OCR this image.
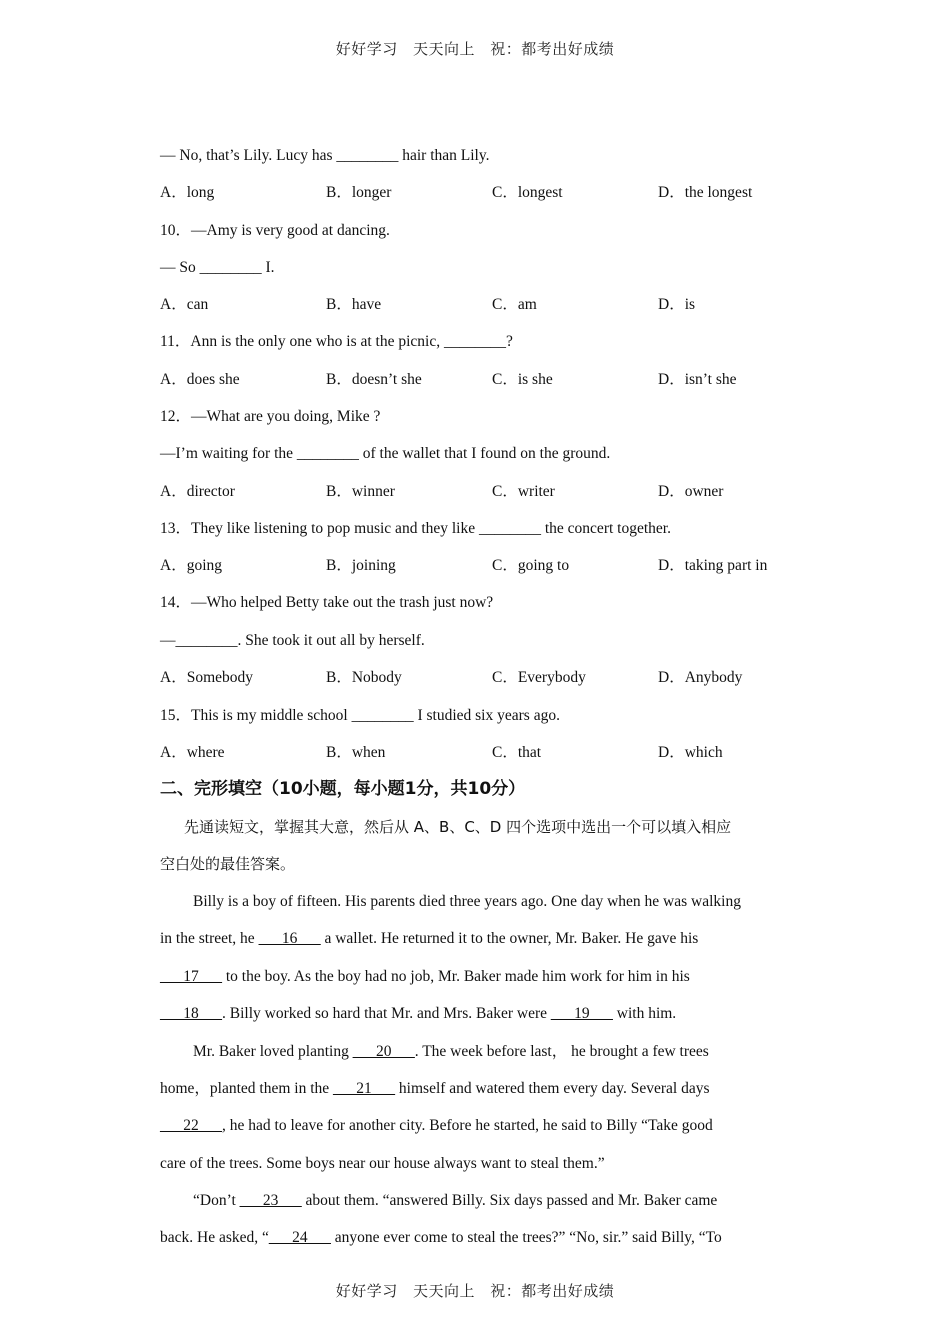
好好学习 天天向上 祝：都考出好成绩
— No, that’s Lily. Lucy has ________ hair than Lily.
A．long	B．longer	C．longest	D．the longest
10．—Amy is very good at dancing.
— So ________ I.
A．can	B．have	C．am	D．is
11．Ann is the only one who is at the picnic, ________?
A．does she	B．doesn’t she	C．is she	D．isn’t she
12．—What are you doing, Mike ?
—I’m waiting for the ________ of the wallet that I found on the ground.
A．director	B．winner	C．writer	D．owner
13．They like listening to pop music and they like ________ the concert together.
A．going	B．joining	C．going to	D．taking part in
14．—Who helped Betty take out the trash just now?
—________. She took it out all by herself.
A．Somebody	B．Nobody	C．Everybody	D．Anybody
15．This is my middle school ________ I studied six years ago.
A．where	B．when	C．that	D．which
二、完形填空（10小题，每小题1分，共10分）
先通读短文，掌握其大意，然后从 A、B、C、D 四个选项中选出一个可以填入相应
空白处的最佳答案。
Billy is a boy of fifteen. His parents died three years ago. One day when he was walking
in the street, he ___16___ a wallet. He returned it to the owner, Mr. Baker. He gave his
___17___ to the boy. As the boy had no job, Mr. Baker made him work for him in his
___18___. Billy worked so hard that Mr. and Mrs. Baker were ___19___ with him.
Mr. Baker loved planting ___20___. The week before last， he brought a few trees
home，planted them in the ___21___ himself and watered them every day. Several days
___22___, he had to leave for another city. Before he started, he said to Billy “Take good
care of the trees. Some boys near our house always want to steal them.”
“Don’t ___23___ about them. “answered Billy. Six days passed and Mr. Baker came
back. He asked, “___24___ anyone ever come to steal the trees?” “No, sir.” said Billy, “To
好好学习 天天向上 祝：都考出好成绩
